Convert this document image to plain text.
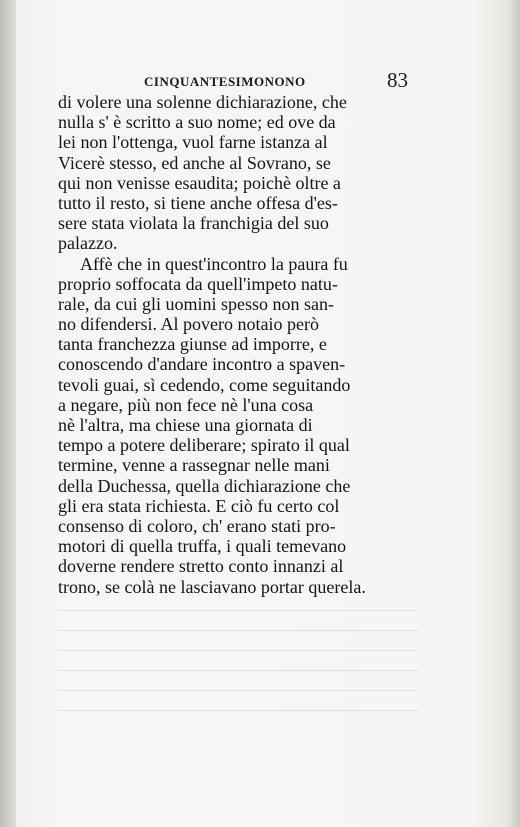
CINQUANTESIMONONO	83
di volere una solenne dichiarazione, che
nulla s' è scritto a suo nome; ed ove da
lei non l'ottenga, vuol farne istanza al
Vicerè stesso, ed anche al Sovrano, se
qui non venisse esaudita; poichè oltre a
tutto il resto, si tiene anche offesa d'es-
sere stata violata la franchigia del suo
palazzo.
Affè che in quest'incontro la paura fu
proprio soffocata da quell'impeto natu-
rale, da cui gli uomini spesso non san-
no difendersi. Al povero notaio però
tanta franchezza giunse ad imporre, e
conoscendo d'andare incontro a spaven-
tevoli guai, sì cedendo, come seguitando
a negare, più non fece nè l'una cosa
nè l'altra, ma chiese una giornata di
tempo a potere deliberare; spirato il qual
termine, venne a rassegnar nelle mani
della Duchessa, quella dichiarazione che
gli era stata richiesta. E ciò fu certo col
consenso di coloro, ch' erano stati pro-
motori di quella truffa, i quali temevano
doverne rendere stretto conto innanzi al
trono, se colà ne lasciavano portar querela.
